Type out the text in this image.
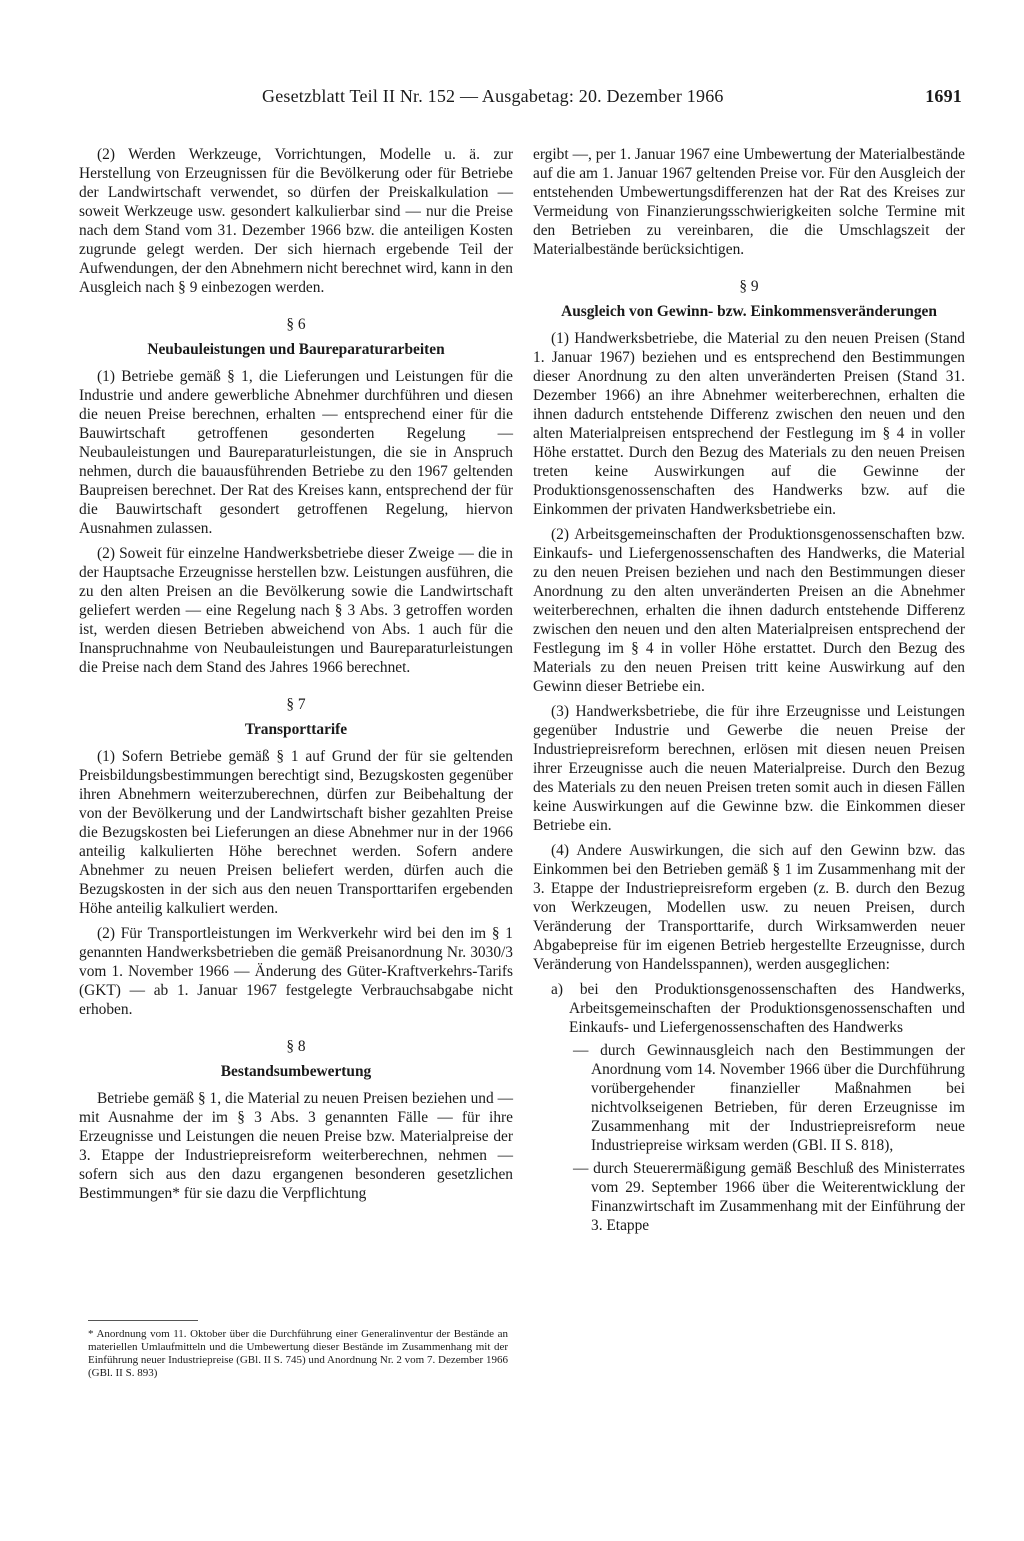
Gesetzblatt Teil II Nr. 152 — Ausgabetag: 20. Dezember 1966	1691

(2) Werden Werkzeuge, Vorrichtungen, Modelle u. ä. zur Herstellung von Erzeugnissen für die Bevölkerung oder für Betriebe der Landwirtschaft verwendet, so dürfen der Preiskalkulation — soweit Werkzeuge usw. gesondert kalkulierbar sind — nur die Preise nach dem Stand vom 31. Dezember 1966 bzw. die anteiligen Kosten zugrunde gelegt werden. Der sich hiernach ergebende Teil der Aufwendungen, der den Abnehmern nicht berechnet wird, kann in den Ausgleich nach § 9 einbezogen werden.

§ 6
Neubauleistungen und Baureparaturarbeiten

(1) Betriebe gemäß § 1, die Lieferungen und Leistungen für die Industrie und andere gewerbliche Abnehmer durchführen und diesen die neuen Preise berechnen, erhalten — entsprechend einer für die Bauwirtschaft getroffenen gesonderten Regelung — Neubauleistungen und Baureparaturleistungen, die sie in Anspruch nehmen, durch die bauausführenden Betriebe zu den 1967 geltenden Baupreisen berechnet. Der Rat des Kreises kann, entsprechend der für die Bauwirtschaft gesondert getroffenen Regelung, hiervon Ausnahmen zulassen.

(2) Soweit für einzelne Handwerksbetriebe dieser Zweige — die in der Hauptsache Erzeugnisse herstellen bzw. Leistungen ausführen, die zu den alten Preisen an die Bevölkerung sowie die Landwirtschaft geliefert werden — eine Regelung nach § 3 Abs. 3 getroffen worden ist, werden diesen Betrieben abweichend von Abs. 1 auch für die Inanspruchnahme von Neubauleistungen und Baureparaturleistungen die Preise nach dem Stand des Jahres 1966 berechnet.

§ 7
Transporttarife

(1) Sofern Betriebe gemäß § 1 auf Grund der für sie geltenden Preisbildungsbestimmungen berechtigt sind, Bezugskosten gegenüber ihren Abnehmern weiterzuberechnen, dürfen zur Beibehaltung der von der Bevölkerung und der Landwirtschaft bisher gezahlten Preise die Bezugskosten bei Lieferungen an diese Abnehmer nur in der 1966 anteilig kalkulierten Höhe berechnet werden. Sofern andere Abnehmer zu neuen Preisen beliefert werden, dürfen auch die Bezugskosten in der sich aus den neuen Transporttarifen ergebenden Höhe anteilig kalkuliert werden.

(2) Für Transportleistungen im Werkverkehr wird bei den im § 1 genannten Handwerksbetrieben die gemäß Preisanordnung Nr. 3030/3 vom 1. November 1966 — Änderung des Güter-Kraftverkehrs-Tarifs (GKT) — ab 1. Januar 1967 festgelegte Verbrauchsabgabe nicht erhoben.

§ 8
Bestandsumbewertung

Betriebe gemäß § 1, die Material zu neuen Preisen beziehen und — mit Ausnahme der im § 3 Abs. 3 genannten Fälle — für ihre Erzeugnisse und Leistungen die neuen Preise bzw. Materialpreise der 3. Etappe der Industriepreisreform weiterberechnen, nehmen — sofern sich aus den dazu ergangenen besonderen gesetzlichen Bestimmungen* für sie dazu die Verpflichtung

* Anordnung vom 11. Oktober über die Durchführung einer Generalinventur der Bestände an materiellen Umlaufmitteln und die Umbewertung dieser Bestände im Zusammenhang mit der Einführung neuer Industriepreise (GBl. II S. 745) und Anordnung Nr. 2 vom 7. Dezember 1966 (GBl. II S. 893)

ergibt —, per 1. Januar 1967 eine Umbewertung der Materialbestände auf die am 1. Januar 1967 geltenden Preise vor. Für den Ausgleich der entstehenden Umbewertungsdifferenzen hat der Rat des Kreises zur Vermeidung von Finanzierungsschwierigkeiten solche Termine mit den Betrieben zu vereinbaren, die die Umschlagszeit der Materialbestände berücksichtigen.

§ 9
Ausgleich von Gewinn- bzw. Einkommensveränderungen

(1) Handwerksbetriebe, die Material zu den neuen Preisen (Stand 1. Januar 1967) beziehen und es entsprechend den Bestimmungen dieser Anordnung zu den alten unveränderten Preisen (Stand 31. Dezember 1966) an ihre Abnehmer weiterberechnen, erhalten die ihnen dadurch entstehende Differenz zwischen den neuen und den alten Materialpreisen entsprechend der Festlegung im § 4 in voller Höhe erstattet. Durch den Bezug des Materials zu den neuen Preisen treten keine Auswirkungen auf die Gewinne der Produktionsgenossenschaften des Handwerks bzw. auf die Einkommen der privaten Handwerksbetriebe ein.

(2) Arbeitsgemeinschaften der Produktionsgenossenschaften bzw. Einkaufs- und Liefergenossenschaften des Handwerks, die Material zu den neuen Preisen beziehen und nach den Bestimmungen dieser Anordnung zu den alten unveränderten Preisen an die Abnehmer weiterberechnen, erhalten die ihnen dadurch entstehende Differenz zwischen den neuen und den alten Materialpreisen entsprechend der Festlegung im § 4 in voller Höhe erstattet. Durch den Bezug des Materials zu den neuen Preisen tritt keine Auswirkung auf den Gewinn dieser Betriebe ein.

(3) Handwerksbetriebe, die für ihre Erzeugnisse und Leistungen gegenüber Industrie und Gewerbe die neuen Preise der Industriepreisreform berechnen, erlösen mit diesen neuen Preisen ihrer Erzeugnisse auch die neuen Materialpreise. Durch den Bezug des Materials zu den neuen Preisen treten somit auch in diesen Fällen keine Auswirkungen auf die Gewinne bzw. die Einkommen dieser Betriebe ein.

(4) Andere Auswirkungen, die sich auf den Gewinn bzw. das Einkommen bei den Betrieben gemäß § 1 im Zusammenhang mit der 3. Etappe der Industriepreisreform ergeben (z. B. durch den Bezug von Werkzeugen, Modellen usw. zu neuen Preisen, durch Veränderung der Transporttarife, durch Wirksamwerden neuer Abgabepreise für im eigenen Betrieb hergestellte Erzeugnisse, durch Veränderung von Handelsspannen), werden ausgeglichen:

a) bei den Produktionsgenossenschaften des Handwerks, Arbeitsgemeinschaften der Produktionsgenossenschaften und Einkaufs- und Liefergenossenschaften des Handwerks
— durch Gewinnausgleich nach den Bestimmungen der Anordnung vom 14. November 1966 über die Durchführung vorübergehender finanzieller Maßnahmen bei nichtvolkseigenen Betrieben, für deren Erzeugnisse im Zusammenhang mit der Industriepreisreform neue Industriepreise wirksam werden (GBl. II S. 818),
— durch Steuerermäßigung gemäß Beschluß des Ministerrates vom 29. September 1966 über die Weiterentwicklung der Finanzwirtschaft im Zusammenhang mit der Einführung der 3. Etappe
